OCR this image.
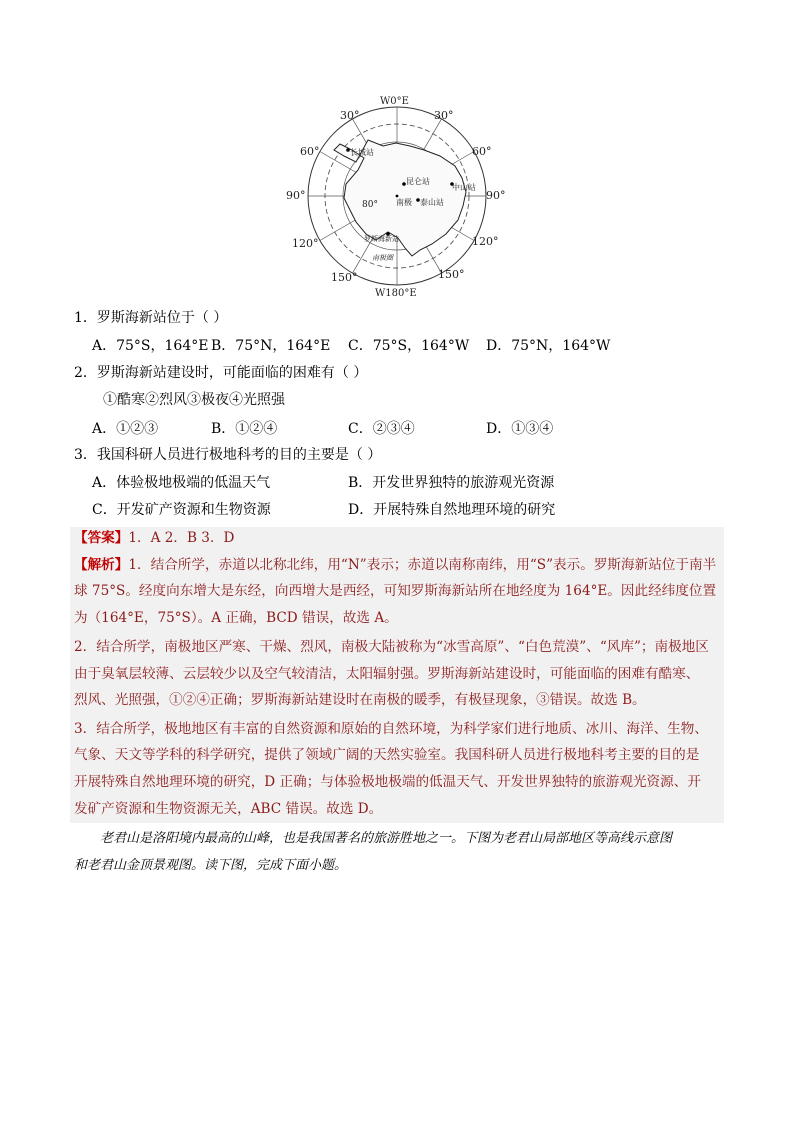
W0°E
W180°E
30°	30°
60°	60°
90°	90°
120°	120°
150°	150°
80°
长城站
昆仑站
中山站
南极 泰山站
罗斯海新站
南极圈
1．罗斯海新站位于（ ）
A．75°S，164°E B．75°N，164°E C．75°S，164°W D．75°N，164°W
2．罗斯海新站建设时，可能面临的困难有（ ）
①酷寒②烈风③极夜④光照强
A．①②③	B．①②④	C．②③④	D．①③④
3．我国科研人员进行极地科考的目的主要是（ ）
A．体验极地极端的低温天气	B．开发世界独特的旅游观光资源
C．开发矿产资源和生物资源	D．开展特殊自然地理环境的研究
【答案】1．A 2．B 3．D
【解析】1．结合所学，赤道以北称北纬，用“N”表示；赤道以南称南纬，用“S”表示。罗斯海新站位于南半
球 75°S。经度向东增大是东经，向西增大是西经，可知罗斯海新站所在地经度为 164°E。因此经纬度位置
为（164°E，75°S）。A 正确，BCD 错误，故选 A。
2．结合所学，南极地区严寒、干燥、烈风，南极大陆被称为“冰雪高原”、“白色荒漠”、“风库”；南极地区
由于臭氧层较薄、云层较少以及空气较清洁，太阳辐射强。罗斯海新站建设时，可能面临的困难有酷寒、
烈风、光照强，①②④正确；罗斯海新站建设时在南极的暖季，有极昼现象，③错误。故选 B。
3．结合所学，极地地区有丰富的自然资源和原始的自然环境，为科学家们进行地质、冰川、海洋、生物、
气象、天文等学科的科学研究，提供了领域广阔的天然实验室。我国科研人员进行极地科考主要的目的是
开展特殊自然地理环境的研究，D 正确；与体验极地极端的低温天气、开发世界独特的旅游观光资源、开
发矿产资源和生物资源无关，ABC 错误。故选 D。
老君山是洛阳境内最高的山峰，也是我国著名的旅游胜地之一。下图为老君山局部地区等高线示意图
和老君山金顶景观图。读下图，完成下面小题。
